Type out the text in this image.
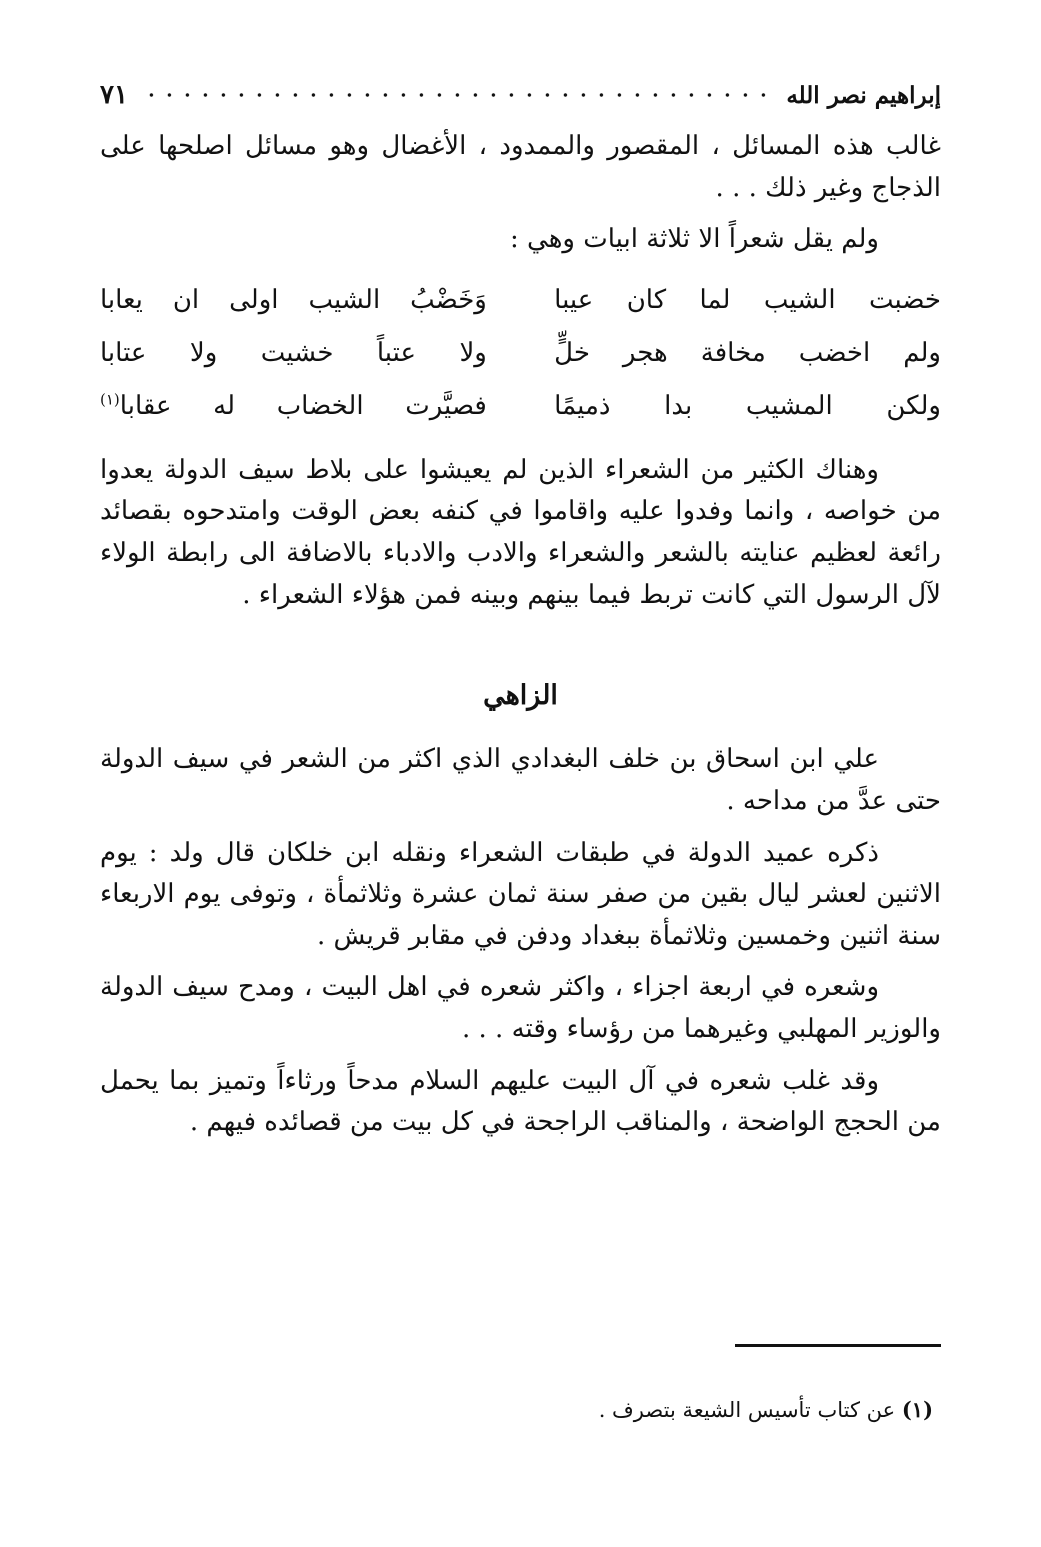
إبراهيم نصر الله
٧١

غالب هذه المسائل ، المقصور والممدود ، الأغضال وهو مسائل اصلحها على الذجاج وغير ذلك . . .

ولم يقل شعراً الا ثلاثة ابيات وهي :

خضبت الشيب لما كان عيبا
وَخَضْبُ الشيب اولى ان يعابا
ولم اخضب مخافة هجر خلٍّ
ولا عتباً خشيت ولا عتابا
ولكن المشيب بدا ذميمًا
فصيَّرت الخضاب له عقابا$^{(١)}$

وهناك الكثير من الشعراء الذين لم يعيشوا على بلاط سيف الدولة يعدوا من خواصه ، وانما وفدوا عليه واقاموا في كنفه بعض الوقت وامتدحوه بقصائد رائعة لعظيم عنايته بالشعر والشعراء والادب والادباء بالاضافة الى رابطة الولاء لآل الرسول التي كانت تربط فيما بينهم وبينه فمن هؤلاء الشعراء .

الزاهي

علي ابن اسحاق بن خلف البغدادي الذي اكثر من الشعر في سيف الدولة حتى عدَّ من مداحه .

ذكره عميد الدولة في طبقات الشعراء ونقله ابن خلكان قال ولد : يوم الاثنين لعشر ليال بقين من صفر سنة ثمان عشرة وثلاثمأة ، وتوفى يوم الاربعاء سنة اثنين وخمسين وثلاثمأة ببغداد ودفن في مقابر قريش .

وشعره في اربعة اجزاء ، واكثر شعره في اهل البيت ، ومدح سيف الدولة والوزير المهلبي وغيرهما من رؤساء وقته . . .

وقد غلب شعره في آل البيت عليهم السلام مدحاً ورثاءاً وتميز بما يحمل من الحجج الواضحة ، والمناقب الراجحة في كل بيت من قصائده فيهم .

(١) عن كتاب تأسيس الشيعة بتصرف .
